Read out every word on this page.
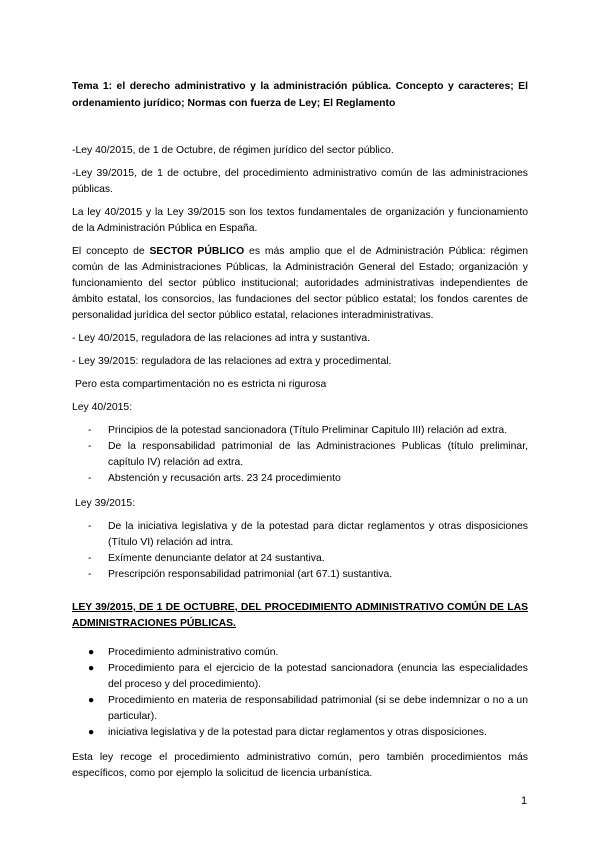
Tema 1: el derecho administrativo y la administración pública. Concepto y caracteres; El ordenamiento jurídico; Normas con fuerza de Ley; El Reglamento

-Ley 40/2015, de 1 de Octubre, de régimen jurídico del sector público.

-Ley 39/2015, de 1 de octubre, del procedimiento administrativo común de las administraciones públicas.

La ley 40/2015 y la Ley 39/2015 son los textos fundamentales de organización y funcionamiento de la Administración Pública en España.

El concepto de SECTOR PÚBLICO es más amplio que el de Administración Pública: régimen común de las Administraciones Públicas, la Administración General del Estado; organización y funcionamiento del sector público institucional; autoridades administrativas independientes de ámbito estatal, los consorcios, las fundaciones del sector público estatal; los fondos carentes de personalidad jurídica del sector público estatal, relaciones interadministrativas.

- Ley 40/2015, reguladora de las relaciones ad intra y sustantiva.

- Ley 39/2015: reguladora de las relaciones ad extra y procedimental.

Pero esta compartimentación no es estricta ni rigurosa

Ley 40/2015:

- Principios de la potestad sancionadora (Título Preliminar Capitulo III) relación ad extra.
- De la responsabilidad patrimonial de las Administraciones Publicas (título preliminar, capítulo IV) relación ad extra.
- Abstención y recusación arts. 23 24 procedimiento

Ley 39/2015:

- De la iniciativa legislativa y de la potestad para dictar reglamentos y otras disposiciones (Título VI) relación ad intra.
- Exímente denunciante delator at 24 sustantiva.
- Prescripción responsabilidad patrimonial (art 67.1) sustantiva.

LEY 39/2015, DE 1 DE OCTUBRE, DEL PROCEDIMIENTO ADMINISTRATIVO COMÚN DE LAS ADMINISTRACIONES PÚBLICAS.

● Procedimiento administrativo común.
● Procedimiento para el ejercicio de la potestad sancionadora (enuncia las especialidades del proceso y del procedimiento).
● Procedimiento en materia de responsabilidad patrimonial (si se debe indemnizar o no a un particular).
● iniciativa legislativa y de la potestad para dictar reglamentos y otras disposiciones.

Esta ley recoge el procedimiento administrativo común, pero también procedimientos más específicos, como por ejemplo la solicitud de licencia urbanística.

1
